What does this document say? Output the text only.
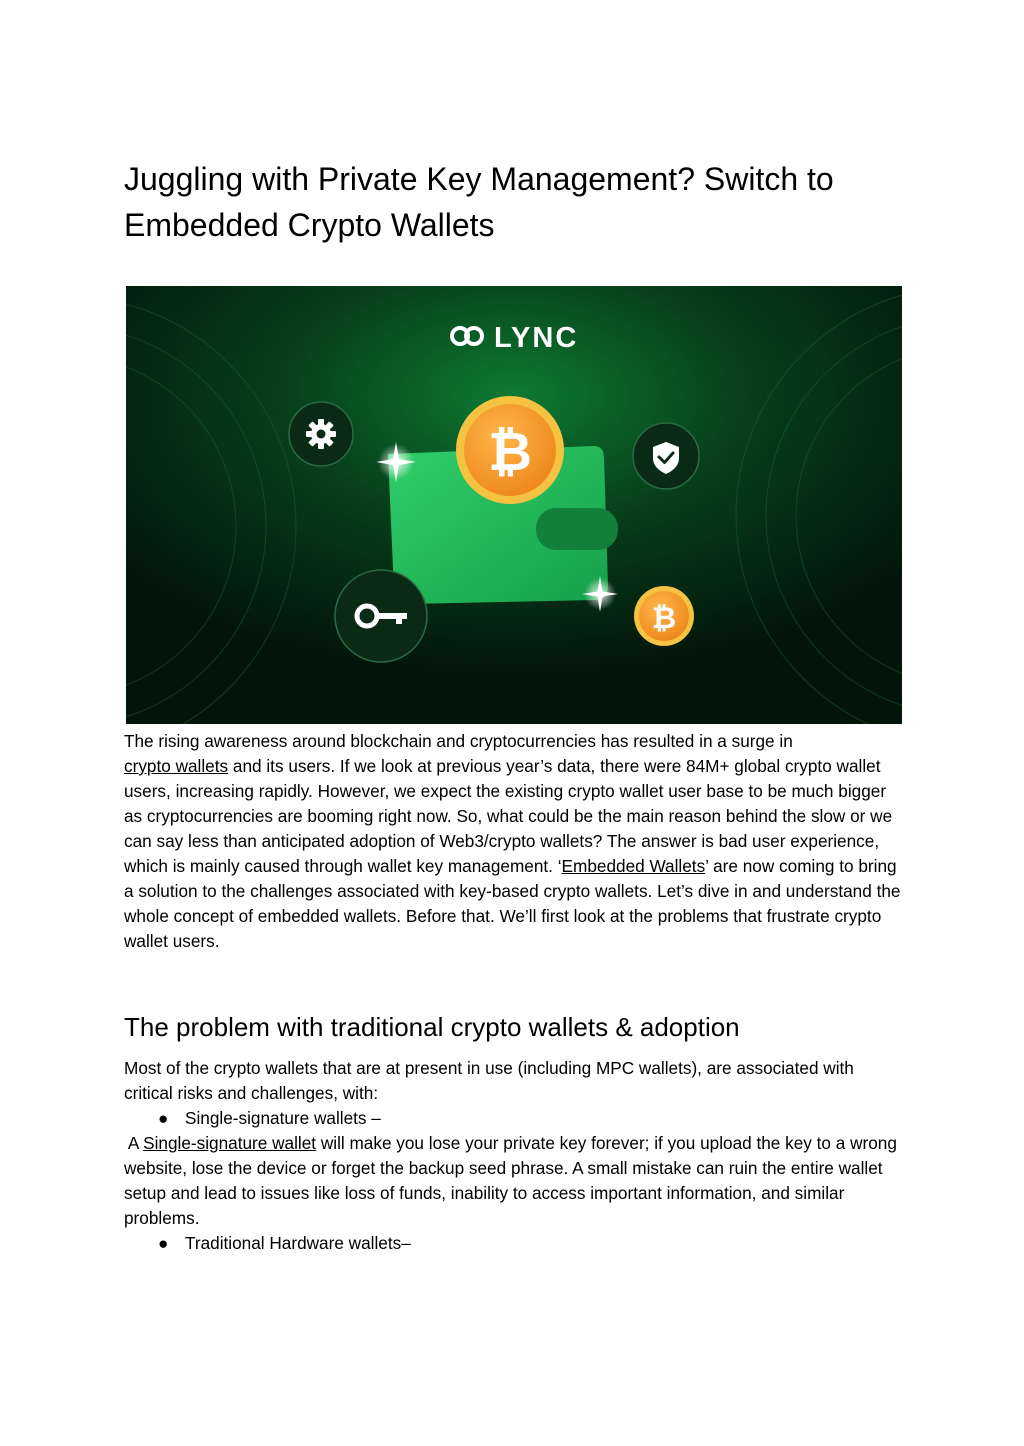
Juggling with Private Key Management? Switch to Embedded Crypto Wallets
LYNC
₿
₿

The rising awareness around blockchain and cryptocurrencies has resulted in a surge in
crypto wallets and its users. If we look at previous year’s data, there were 84M+ global crypto wallet users, increasing rapidly. However, we expect the existing crypto wallet user base to be much bigger as cryptocurrencies are booming right now. So, what could be the main reason behind the slow or we can say less than anticipated adoption of Web3/crypto wallets? The answer is bad user experience, which is mainly caused through wallet key management. ‘Embedded Wallets’ are now coming to bring a solution to the challenges associated with key-based crypto wallets. Let’s dive in and understand the whole concept of embedded wallets. Before that. We’ll first look at the problems that frustrate crypto wallet users.

The problem with traditional crypto wallets & adoption

Most of the crypto wallets that are at present in use (including MPC wallets), are associated with critical risks and challenges, with:

● Single-signature wallets –

A Single-signature wallet will make you lose your private key forever; if you upload the key to a wrong website, lose the device or forget the backup seed phrase. A small mistake can ruin the entire wallet setup and lead to issues like loss of funds, inability to access important information, and similar problems.

● Traditional Hardware wallets–
